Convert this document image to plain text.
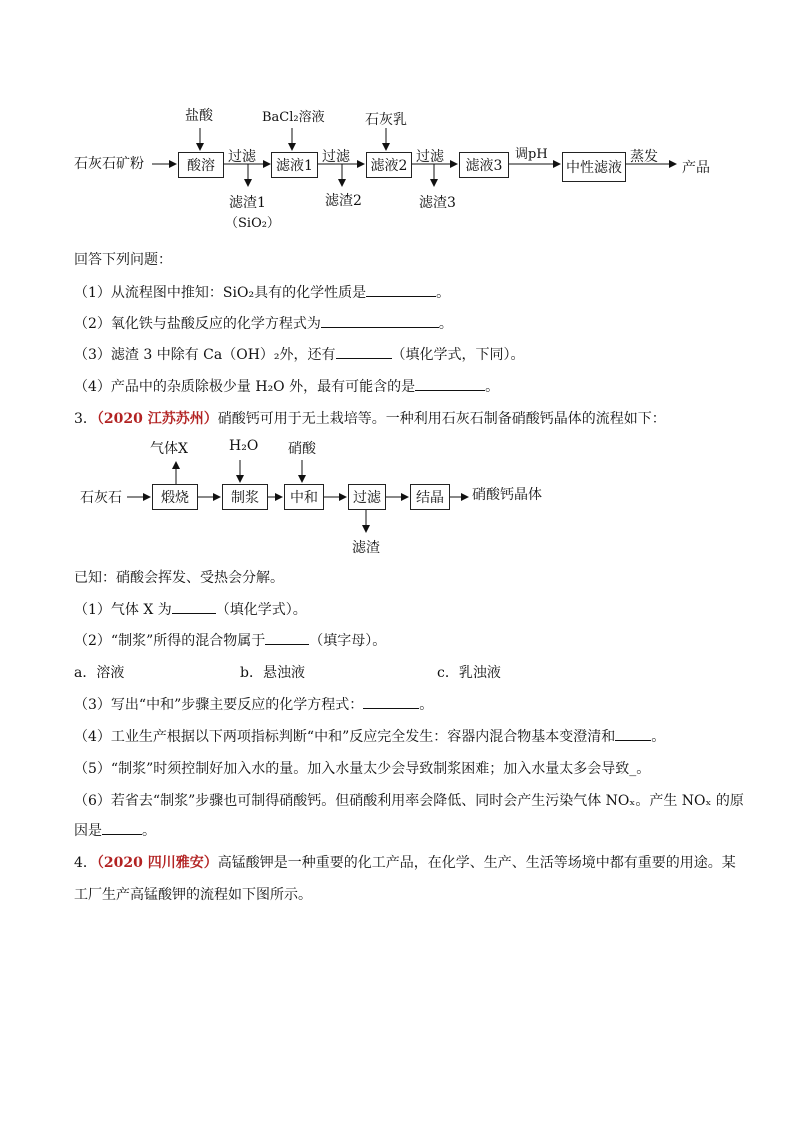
石灰石矿粉	酸溶	滤液1	滤液2	滤液3	中性滤液	产品
盐酸	BaCl₂溶液	石灰乳
过滤	过滤	过滤	调pH	蒸发
滤渣1
（SiO₂）
滤渣2	滤渣3
回答下列问题：
（1）从流程图中推知：SiO₂具有的化学性质是	。
（2）氧化铁与盐酸反应的化学方程式为	。
（3）滤渣 3 中除有 Ca（OH）₂外，还有	（填化学式，下同）。
（4）产品中的杂质除极少量 H₂O 外，最有可能含的是	。
3．（2020 江苏苏州）硝酸钙可用于无土栽培等。一种利用石灰石制备硝酸钙晶体的流程如下：
石灰石	煅烧	制浆	中和	过滤	结晶	硝酸钙晶体
气体X	H₂O 硝酸
滤渣
已知：硝酸会挥发、受热会分解。
（1）气体 X 为	（填化学式）。
（2）“制浆”所得的混合物属于	（填字母）。
a．溶液	b．悬浊液	c．乳浊液
（3）写出“中和”步骤主要反应的化学方程式：	。
（4）工业生产根据以下两项指标判断“中和”反应完全发生：容器内混合物基本变澄清和	。
（5）“制浆”时须控制好加入水的量。加入水量太少会导致制浆困难；加入水量太多会导致_。
（6）若省去“制浆”步骤也可制得硝酸钙。但硝酸利用率会降低、同时会产生污染气体 NOₓ。产生 NOₓ 的原
因是	。
4．（2020 四川雅安）高锰酸钾是一种重要的化工产品，在化学、生产、生活等场境中都有重要的用途。某
工厂生产高锰酸钾的流程如下图所示。
